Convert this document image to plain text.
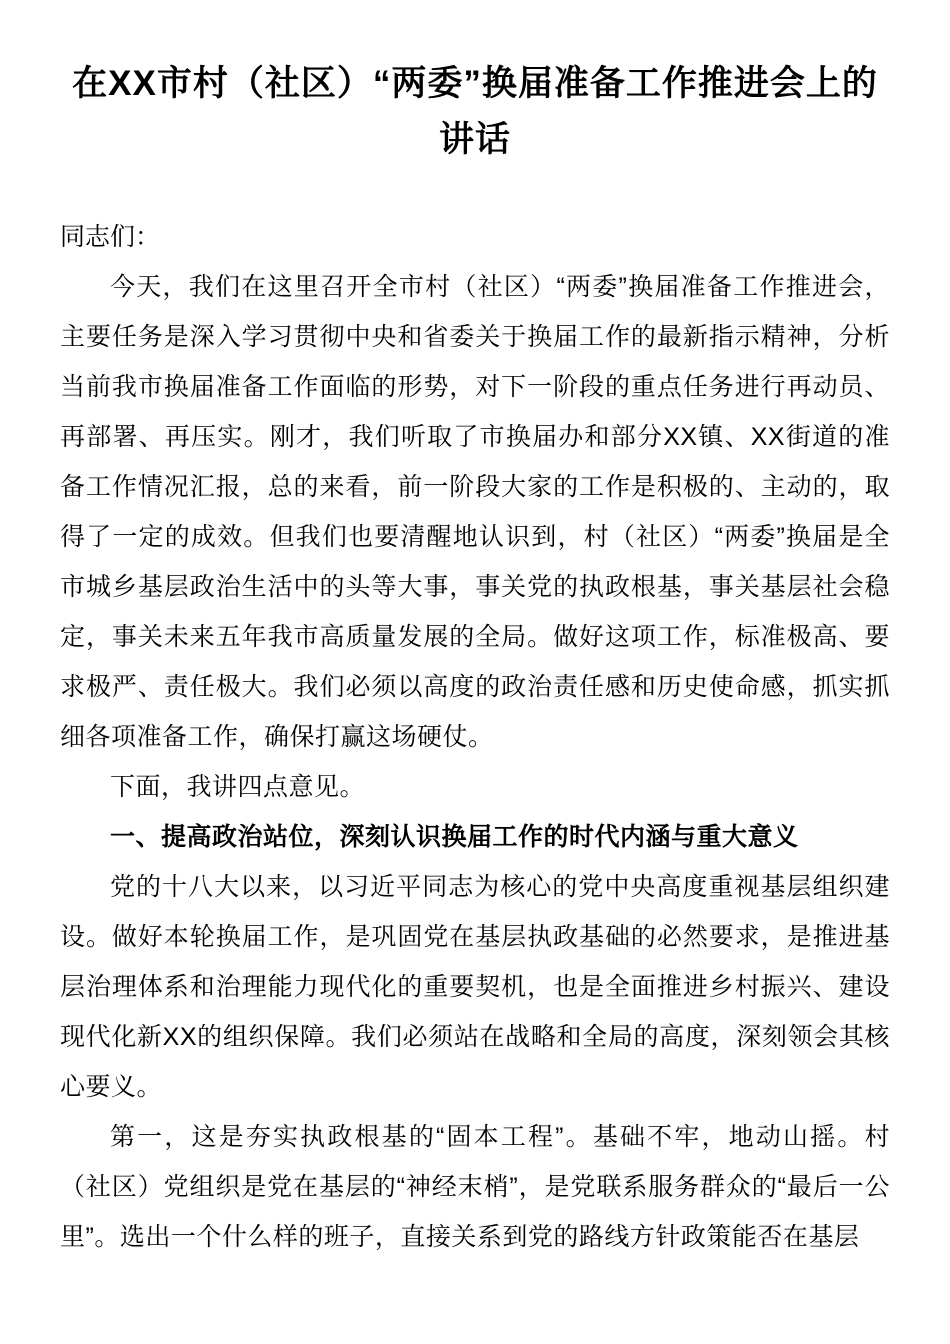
在XX市村（社区）“两委”换届准备工作推进会上的讲话

同志们：

今天，我们在这里召开全市村（社区）“两委”换届准备工作推进会，主要任务是深入学习贯彻中央和省委关于换届工作的最新指示精神，分析当前我市换届准备工作面临的形势，对下一阶段的重点任务进行再动员、再部署、再压实。刚才，我们听取了市换届办和部分XX镇、XX街道的准备工作情况汇报，总的来看，前一阶段大家的工作是积极的、主动的，取得了一定的成效。但我们也要清醒地认识到，村（社区）“两委”换届是全市城乡基层政治生活中的头等大事，事关党的执政根基，事关基层社会稳定，事关未来五年我市高质量发展的全局。做好这项工作，标准极高、要求极严、责任极大。我们必须以高度的政治责任感和历史使命感，抓实抓细各项准备工作，确保打赢这场硬仗。

下面，我讲四点意见。

一、提高政治站位，深刻认识换届工作的时代内涵与重大意义

党的十八大以来，以习近平同志为核心的党中央高度重视基层组织建设。做好本轮换届工作，是巩固党在基层执政基础的必然要求，是推进基层治理体系和治理能力现代化的重要契机，也是全面推进乡村振兴、建设现代化新XX的组织保障。我们必须站在战略和全局的高度，深刻领会其核心要义。

第一，这是夯实执政根基的“固本工程”。基础不牢，地动山摇。村（社区）党组织是党在基层的“神经末梢”，是党联系服务群众的“最后一公里”。选出一个什么样的班子，直接关系到党的路线方针政策能否在基层
